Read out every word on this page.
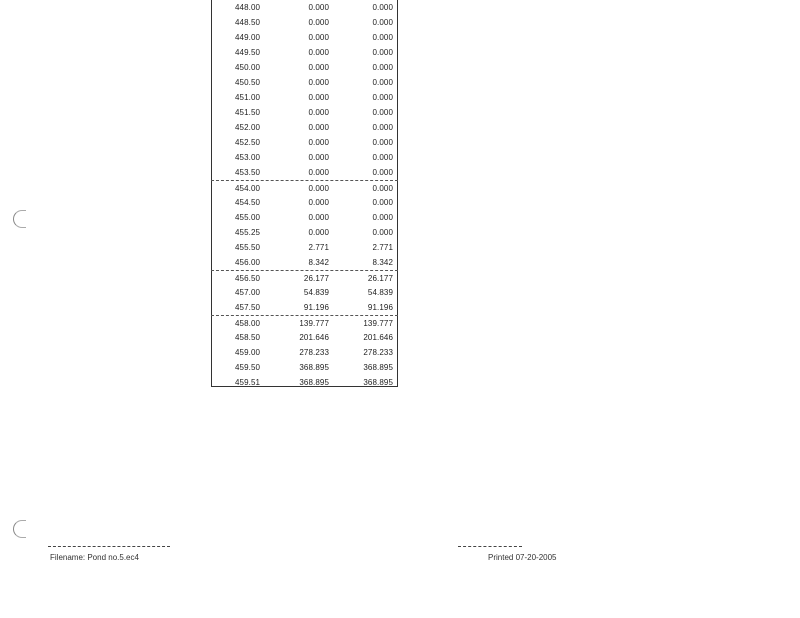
448.00	0.000	0.000
448.50	0.000	0.000
449.00	0.000	0.000
449.50	0.000	0.000
450.00	0.000	0.000
450.50	0.000	0.000
451.00	0.000	0.000
451.50	0.000	0.000
452.00	0.000	0.000
452.50	0.000	0.000
453.00	0.000	0.000
453.50	0.000	0.000
454.00	0.000	0.000
454.50	0.000	0.000
455.00	0.000	0.000
455.25	0.000	0.000
455.50	2.771	2.771
456.00	8.342	8.342
456.50	26.177	26.177
457.00	54.839	54.839
457.50	91.196	91.196
458.00	139.777	139.777
458.50	201.646	201.646
459.00	278.233	278.233
459.50	368.895	368.895
459.51	368.895	368.895
Filename: Pond no.5.ec4	Printed 07-20-2005
